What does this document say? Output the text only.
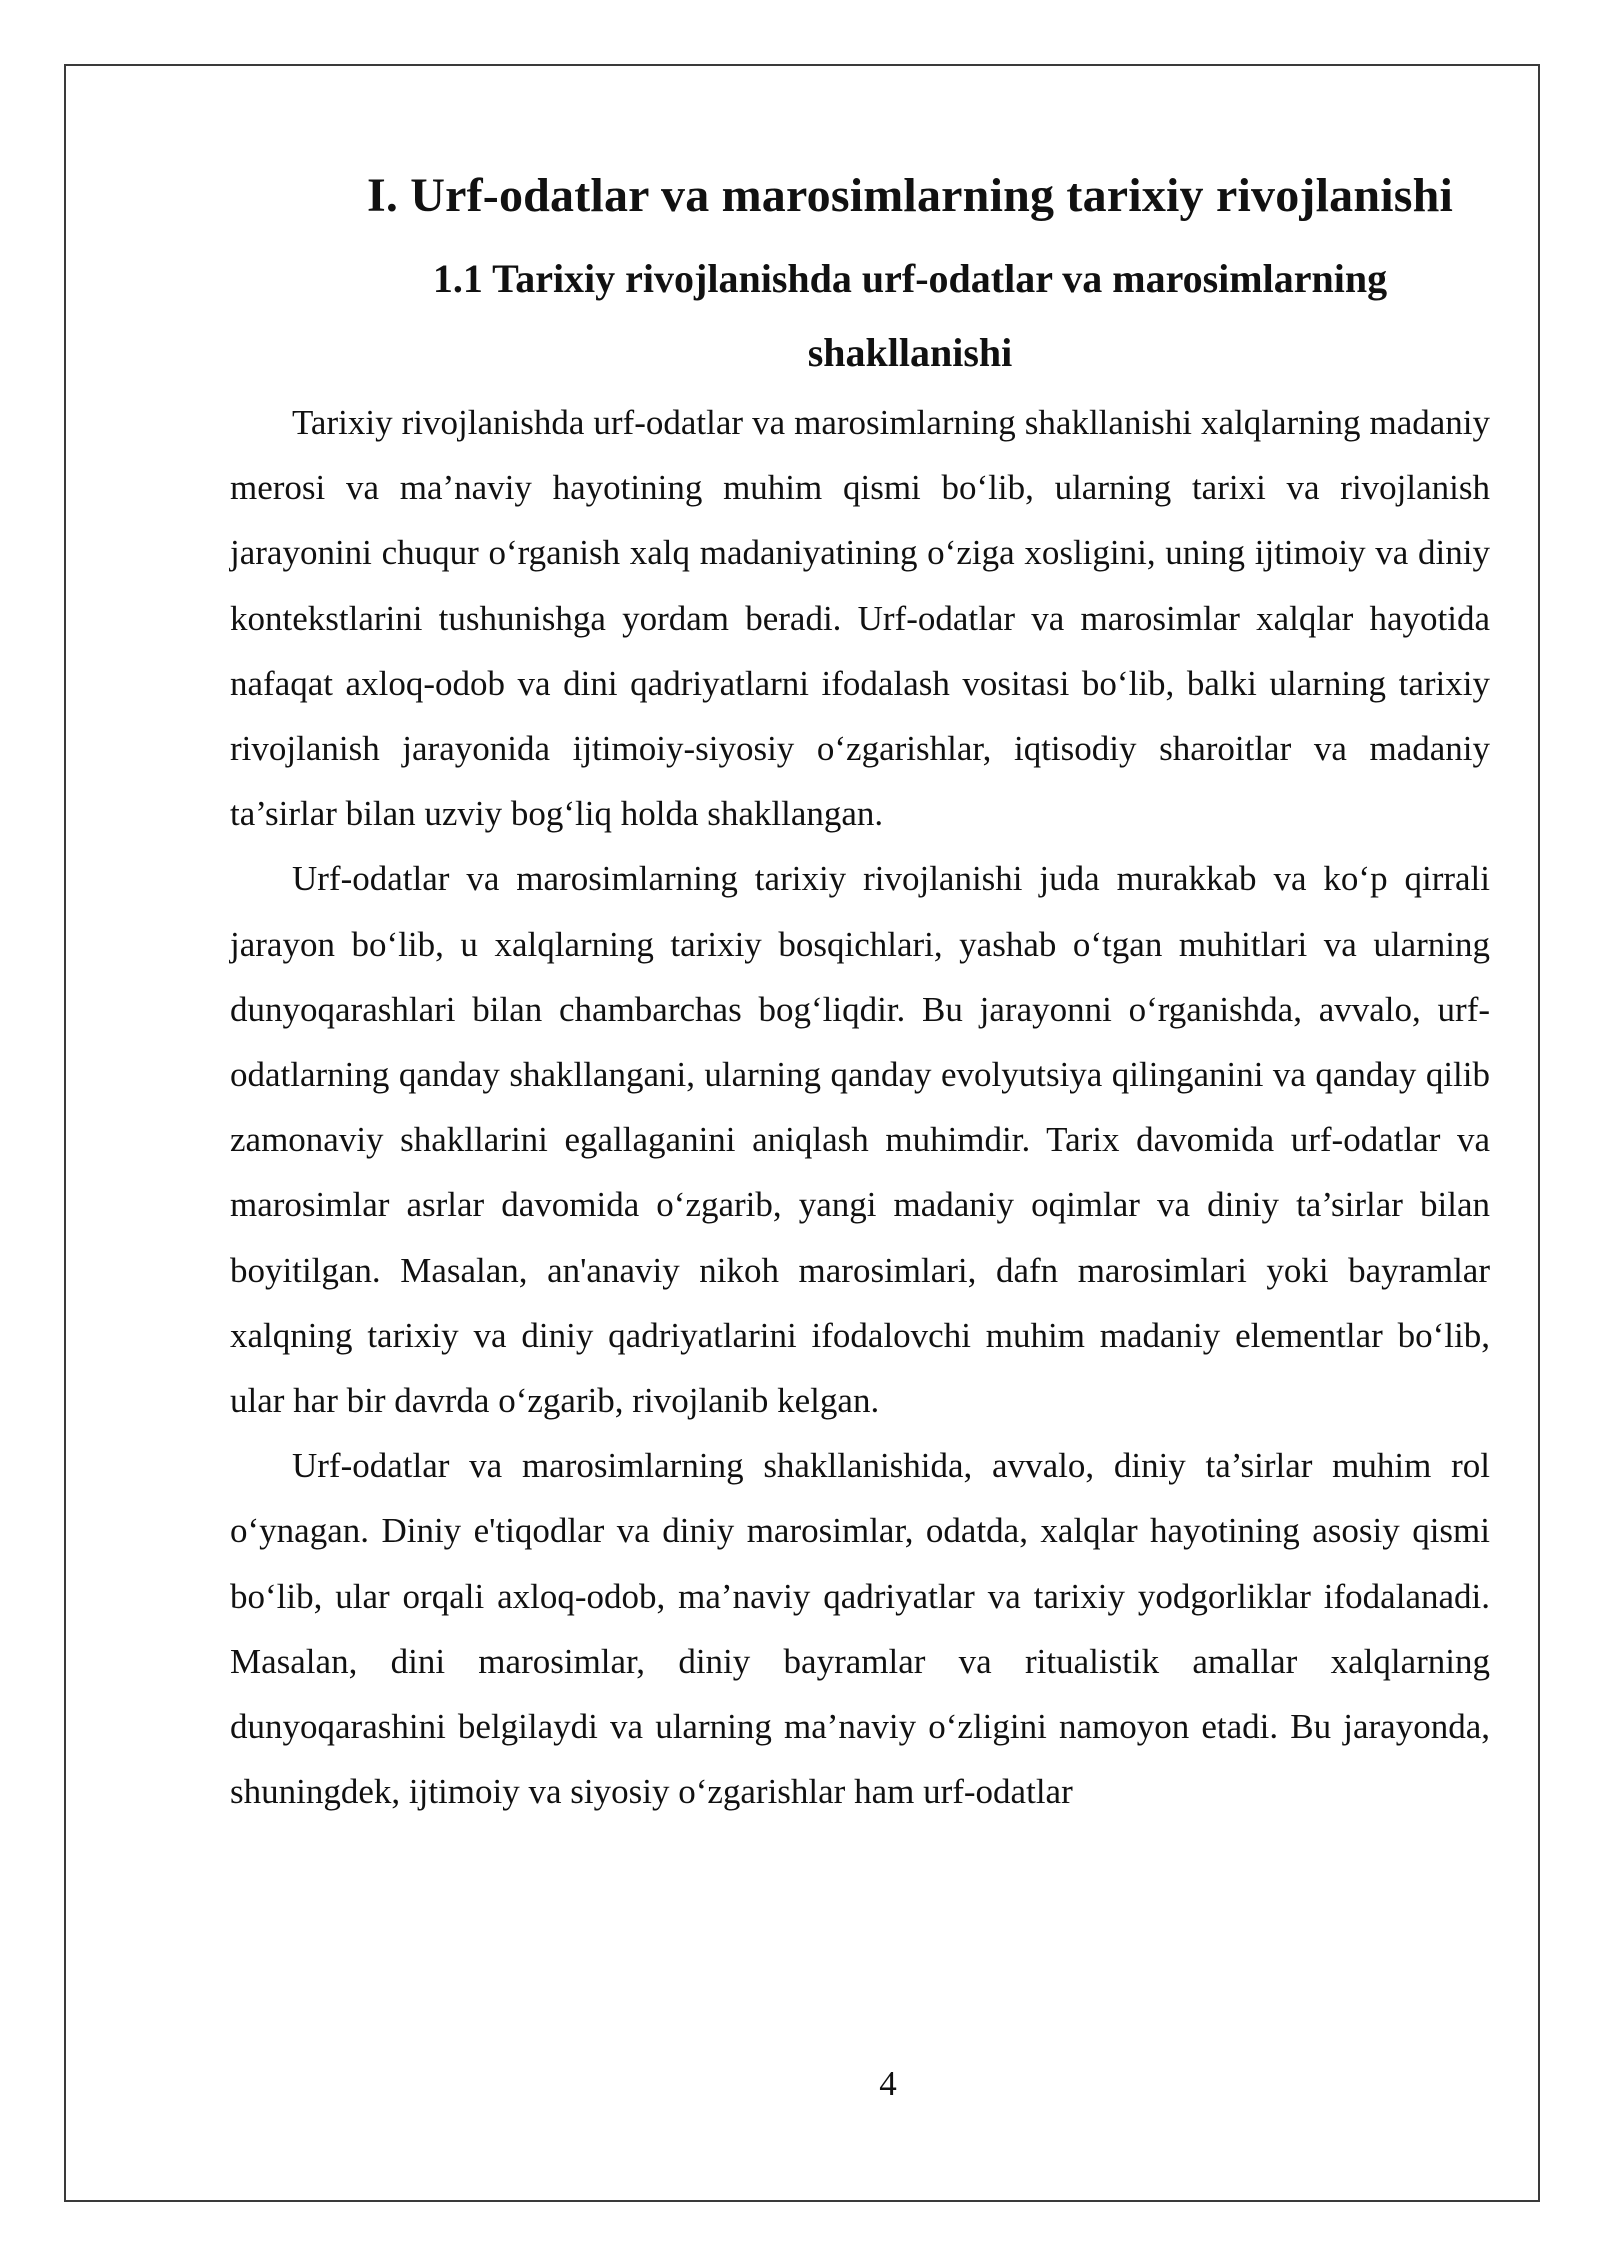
I. Urf-odatlar va marosimlarning tarixiy rivojlanishi
1.1 Tarixiy rivojlanishda urf-odatlar va marosimlarning shakllanishi

Tarixiy rivojlanishda urf-odatlar va marosimlarning shakllanishi xalqlarning madaniy merosi va ma’naviy hayotining muhim qismi bo‘lib, ularning tarixi va rivojlanish jarayonini chuqur o‘rganish xalq madaniyatining o‘ziga xosligini, uning ijtimoiy va diniy kontekstlarini tushunishga yordam beradi. Urf-odatlar va marosimlar xalqlar hayotida nafaqat axloq-odob va dini qadriyatlarni ifodalash vositasi bo‘lib, balki ularning tarixiy rivojlanish jarayonida ijtimoiy-siyosiy o‘zgarishlar, iqtisodiy sharoitlar va madaniy ta’sirlar bilan uzviy bog‘liq holda shakllangan.

Urf-odatlar va marosimlarning tarixiy rivojlanishi juda murakkab va ko‘p qirrali jarayon bo‘lib, u xalqlarning tarixiy bosqichlari, yashab o‘tgan muhitlari va ularning dunyoqarashlari bilan chambarchas bog‘liqdir. Bu jarayonni o‘rganishda, avvalo, urf-odatlarning qanday shakllangani, ularning qanday evolyutsiya qilinganini va qanday qilib zamonaviy shakllarini egallaganini aniqlash muhimdir. Tarix davomida urf-odatlar va marosimlar asrlar davomida o‘zgarib, yangi madaniy oqimlar va diniy ta’sirlar bilan boyitilgan. Masalan, an'anaviy nikoh marosimlari, dafn marosimlari yoki bayramlar xalqning tarixiy va diniy qadriyatlarini ifodalovchi muhim madaniy elementlar bo‘lib, ular har bir davrda o‘zgarib, rivojlanib kelgan.

Urf-odatlar va marosimlarning shakllanishida, avvalo, diniy ta’sirlar muhim rol o‘ynagan. Diniy e'tiqodlar va diniy marosimlar, odatda, xalqlar hayotining asosiy qismi bo‘lib, ular orqali axloq-odob, ma’naviy qadriyatlar va tarixiy yodgorliklar ifodalanadi. Masalan, dini marosimlar, diniy bayramlar va ritualistik amallar xalqlarning dunyoqarashini belgilaydi va ularning ma’naviy o‘zligini namoyon etadi. Bu jarayonda, shuningdek, ijtimoiy va siyosiy o‘zgarishlar ham urf-odatlar

4
